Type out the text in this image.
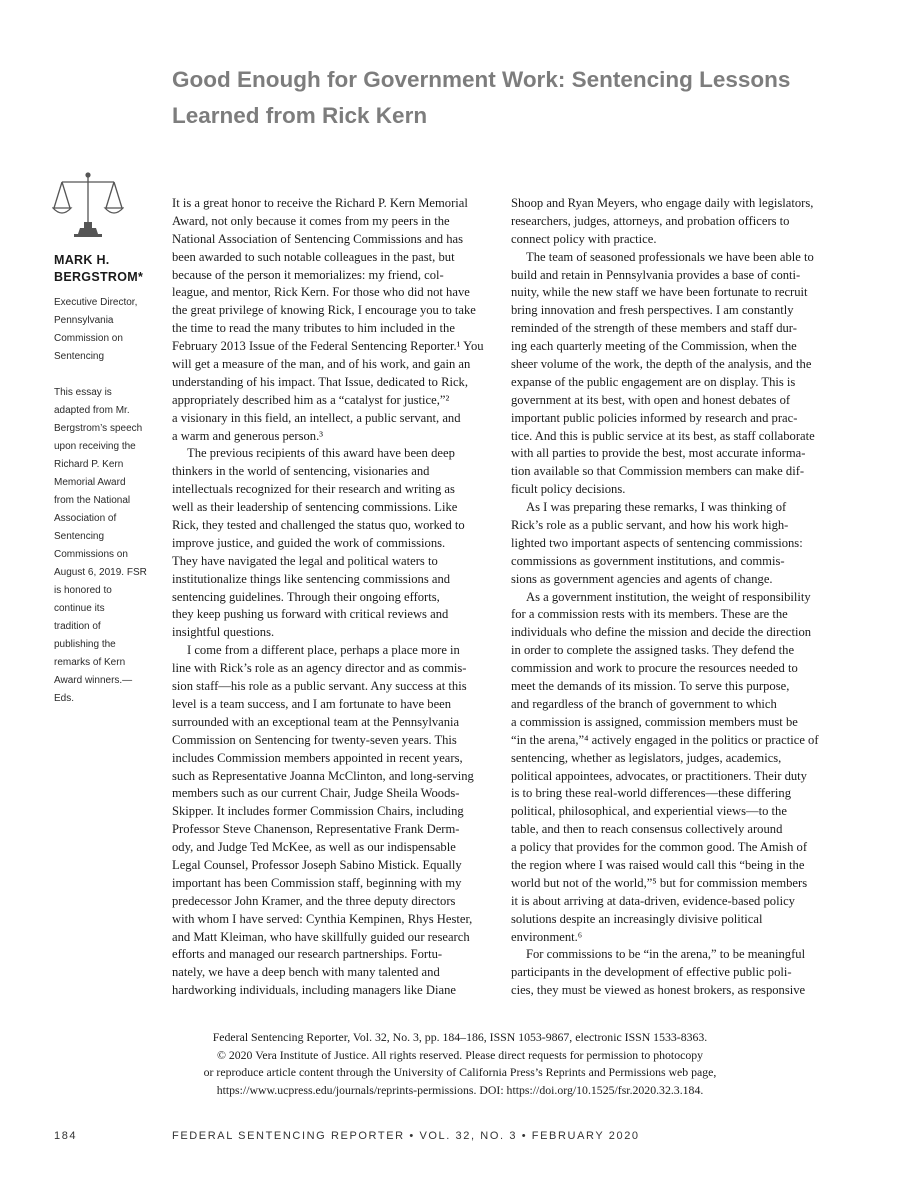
Good Enough for Government Work: Sentencing Lessons
Learned from Rick Kern
MARK H.
BERGSTROM*
Executive Director,
Pennsylvania
Commission on
Sentencing
This essay is
adapted from Mr.
Bergstrom’s speech
upon receiving the
Richard P. Kern
Memorial Award
from the National
Association of
Sentencing
Commissions on
August 6, 2019. FSR
is honored to
continue its
tradition of
publishing the
remarks of Kern
Award winners.—
Eds.
It is a great honor to receive the Richard P. Kern Memorial
Award, not only because it comes from my peers in the
National Association of Sentencing Commissions and has
been awarded to such notable colleagues in the past, but
because of the person it memorializes: my friend, col-
league, and mentor, Rick Kern. For those who did not have
the great privilege of knowing Rick, I encourage you to take
the time to read the many tributes to him included in the
February 2013 Issue of the Federal Sentencing Reporter.¹ You
will get a measure of the man, and of his work, and gain an
understanding of his impact. That Issue, dedicated to Rick,
appropriately described him as a “catalyst for justice,”²
a visionary in this field, an intellect, a public servant, and
a warm and generous person.³
The previous recipients of this award have been deep
thinkers in the world of sentencing, visionaries and
intellectuals recognized for their research and writing as
well as their leadership of sentencing commissions. Like
Rick, they tested and challenged the status quo, worked to
improve justice, and guided the work of commissions.
They have navigated the legal and political waters to
institutionalize things like sentencing commissions and
sentencing guidelines. Through their ongoing efforts,
they keep pushing us forward with critical reviews and
insightful questions.
I come from a different place, perhaps a place more in
line with Rick’s role as an agency director and as commis-
sion staff—his role as a public servant. Any success at this
level is a team success, and I am fortunate to have been
surrounded with an exceptional team at the Pennsylvania
Commission on Sentencing for twenty-seven years. This
includes Commission members appointed in recent years,
such as Representative Joanna McClinton, and long-serving
members such as our current Chair, Judge Sheila Woods-
Skipper. It includes former Commission Chairs, including
Professor Steve Chanenson, Representative Frank Derm-
ody, and Judge Ted McKee, as well as our indispensable
Legal Counsel, Professor Joseph Sabino Mistick. Equally
important has been Commission staff, beginning with my
predecessor John Kramer, and the three deputy directors
with whom I have served: Cynthia Kempinen, Rhys Hester,
and Matt Kleiman, who have skillfully guided our research
efforts and managed our research partnerships. Fortu-
nately, we have a deep bench with many talented and
hardworking individuals, including managers like Diane
Shoop and Ryan Meyers, who engage daily with legislators,
researchers, judges, attorneys, and probation officers to
connect policy with practice.
The team of seasoned professionals we have been able to
build and retain in Pennsylvania provides a base of conti-
nuity, while the new staff we have been fortunate to recruit
bring innovation and fresh perspectives. I am constantly
reminded of the strength of these members and staff dur-
ing each quarterly meeting of the Commission, when the
sheer volume of the work, the depth of the analysis, and the
expanse of the public engagement are on display. This is
government at its best, with open and honest debates of
important public policies informed by research and prac-
tice. And this is public service at its best, as staff collaborate
with all parties to provide the best, most accurate informa-
tion available so that Commission members can make dif-
ficult policy decisions.
As I was preparing these remarks, I was thinking of
Rick’s role as a public servant, and how his work high-
lighted two important aspects of sentencing commissions:
commissions as government institutions, and commis-
sions as government agencies and agents of change.
As a government institution, the weight of responsibility
for a commission rests with its members. These are the
individuals who define the mission and decide the direction
in order to complete the assigned tasks. They defend the
commission and work to procure the resources needed to
meet the demands of its mission. To serve this purpose,
and regardless of the branch of government to which
a commission is assigned, commission members must be
“in the arena,”⁴ actively engaged in the politics or practice of
sentencing, whether as legislators, judges, academics,
political appointees, advocates, or practitioners. Their duty
is to bring these real-world differences—these differing
political, philosophical, and experiential views—to the
table, and then to reach consensus collectively around
a policy that provides for the common good. The Amish of
the region where I was raised would call this “being in the
world but not of the world,”⁵ but for commission members
it is about arriving at data-driven, evidence-based policy
solutions despite an increasingly divisive political
environment.⁶
For commissions to be “in the arena,” to be meaningful
participants in the development of effective public poli-
cies, they must be viewed as honest brokers, as responsive
Federal Sentencing Reporter, Vol. 32, No. 3, pp. 184–186, ISSN 1053-9867, electronic ISSN 1533-8363.
© 2020 Vera Institute of Justice. All rights reserved. Please direct requests for permission to photocopy
or reproduce article content through the University of California Press’s Reprints and Permissions web page,
https://www.ucpress.edu/journals/reprints-permissions. DOI: https://doi.org/10.1525/fsr.2020.32.3.184.
184	FEDERAL SENTENCING REPORTER • VOL. 32, NO. 3 • FEBRUARY 2020
